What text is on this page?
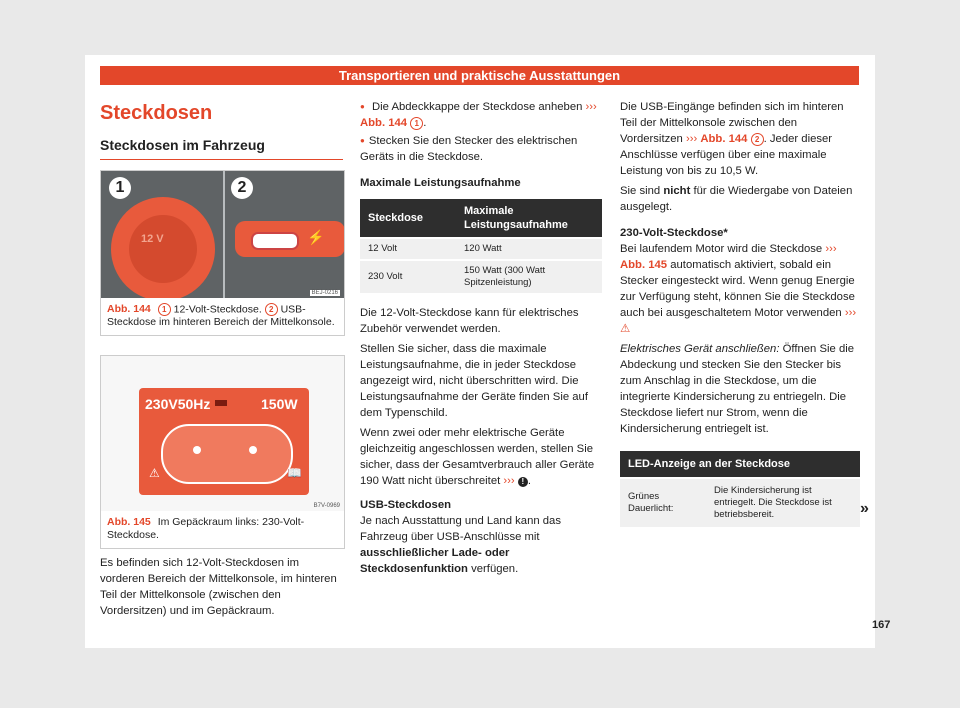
Transportieren und praktische Ausstattungen
Steckdosen
Steckdosen im Fahrzeug
12 V
1	2
⚡
BEJ-0216
Abb. 144 1 12-Volt-Steckdose. 2 USB-Steckdose im hinteren Bereich der Mittelkonsole.
230V50Hz	150W
⚠	📖
B7V-0969
Abb. 145 Im Gepäckraum links: 230-Volt-Steckdose.
Es befinden sich 12-Volt-Steckdosen im vorderen Bereich der Mittelkonsole, im hinteren Teil der Mittelkonsole (zwischen den Vordersitzen) und im Gepäckraum.
● Die Abdeckkappe der Steckdose anheben ››› Abb. 144 1 .
● Stecken Sie den Stecker des elektrischen Geräts in die Steckdose.
Maximale Leistungsaufnahme
Steckdose	Maximale Leistungsaufnahme
12 Volt	120 Watt
230 Volt	150 Watt (300 Watt Spitzenleistung)
Die 12-Volt-Steckdose kann für elektrisches Zubehör verwendet werden.
Stellen Sie sicher, dass die maximale Leistungsaufnahme, die in jeder Steckdose angezeigt wird, nicht überschritten wird. Die Leistungsaufnahme der Geräte finden Sie auf dem Typenschild.
Wenn zwei oder mehr elektrische Geräte gleichzeitig angeschlossen werden, stellen Sie sicher, dass der Gesamtverbrauch aller Geräte 190 Watt nicht überschreitet ››› ! .
USB-Steckdosen
Je nach Ausstattung und Land kann das Fahrzeug über USB-Anschlüsse mit ausschließlicher Lade- oder Steckdosenfunktion verfügen.
Die USB-Eingänge befinden sich im hinteren Teil der Mittelkonsole zwischen den Vordersitzen ››› Abb. 144 2 . Jeder dieser Anschlüsse verfügen über eine maximale Leistung von bis zu 10,5 W.
Sie sind nicht für die Wiedergabe von Dateien ausgelegt.
230-Volt-Steckdose*
Bei laufendem Motor wird die Steckdose ››› Abb. 145 automatisch aktiviert, sobald ein Stecker eingesteckt wird. Wenn genug Energie zur Verfügung steht, können Sie die Steckdose auch bei ausgeschaltetem Motor verwenden ››› ⚠
Elektrisches Gerät anschließen: Öffnen Sie die Abdeckung und stecken Sie den Stecker bis zum Anschlag in die Steckdose, um die integrierte Kindersicherung zu entriegeln. Die Steckdose liefert nur Strom, wenn die Kindersicherung entriegelt ist.
LED-Anzeige an der Steckdose
Grünes Dauerlicht:	Die Kindersicherung ist entriegelt. Die Steckdose ist betriebsbereit.	»
167
